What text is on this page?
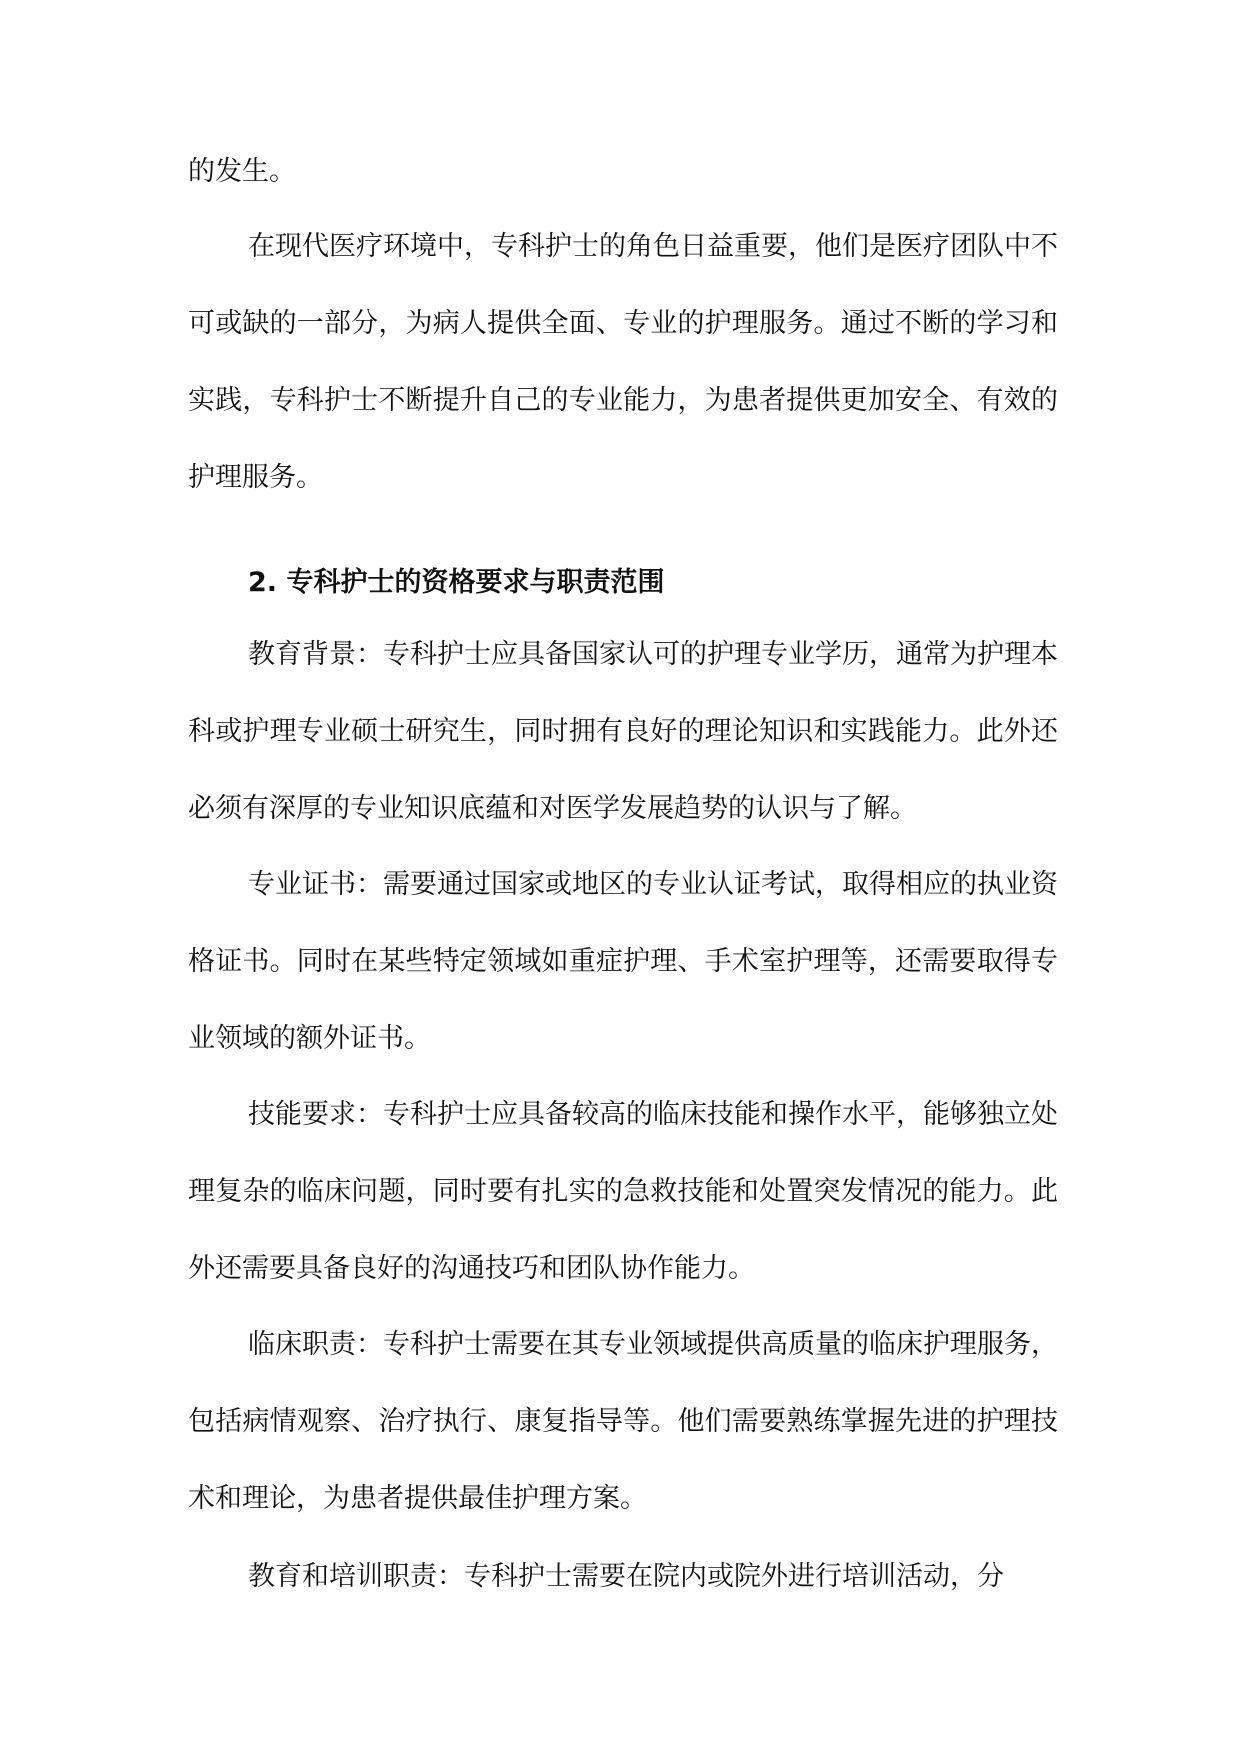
的发生。

在现代医疗环境中，专科护士的角色日益重要，他们是医疗团队中不可或缺的一部分，为病人提供全面、专业的护理服务。通过不断的学习和实践，专科护士不断提升自己的专业能力，为患者提供更加安全、有效的护理服务。

2. 专科护士的资格要求与职责范围

教育背景：专科护士应具备国家认可的护理专业学历，通常为护理本科或护理专业硕士研究生，同时拥有良好的理论知识和实践能力。此外还必须有深厚的专业知识底蕴和对医学发展趋势的认识与了解。

专业证书：需要通过国家或地区的专业认证考试，取得相应的执业资格证书。同时在某些特定领域如重症护理、手术室护理等，还需要取得专业领域的额外证书。

技能要求：专科护士应具备较高的临床技能和操作水平，能够独立处理复杂的临床问题，同时要有扎实的急救技能和处置突发情况的能力。此外还需要具备良好的沟通技巧和团队协作能力。

临床职责：专科护士需要在其专业领域提供高质量的临床护理服务，包括病情观察、治疗执行、康复指导等。他们需要熟练掌握先进的护理技术和理论，为患者提供最佳护理方案。

教育和培训职责：专科护士需要在院内或院外进行培训活动，分
